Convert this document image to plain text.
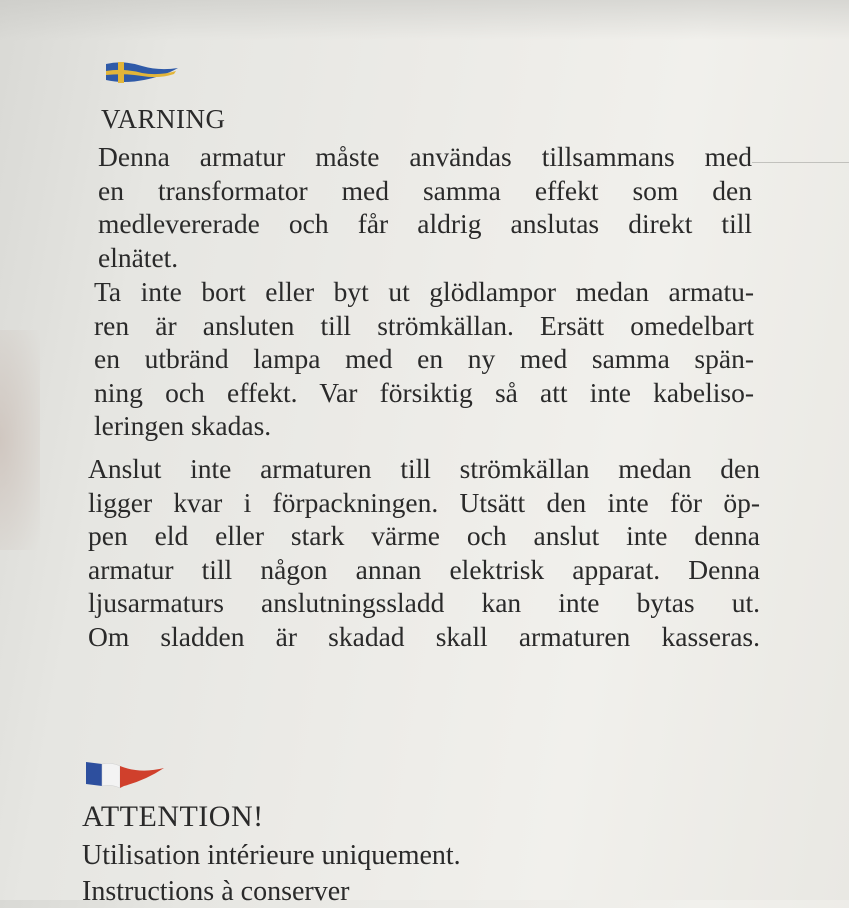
VARNING
Denna armatur måste användas tillsammans med
en transformator med samma effekt som den
medlevererade och får aldrig anslutas direkt till
elnätet.
Ta inte bort eller byt ut glödlampor medan armatu-
ren är ansluten till strömkällan. Ersätt omedelbart
en utbränd lampa med en ny med samma spän-
ning och effekt. Var försiktig så att inte kabeliso-
leringen skadas.
Anslut inte armaturen till strömkällan medan den
ligger kvar i förpackningen. Utsätt den inte för öp-
pen eld eller stark värme och anslut inte denna
armatur till någon annan elektrisk apparat. Denna
ljusarmaturs anslutningssladd kan inte bytas ut.
Om sladden är skadad skall armaturen kasseras.
ATTENTION!
Utilisation intérieure uniquement.
Instructions à conserver
